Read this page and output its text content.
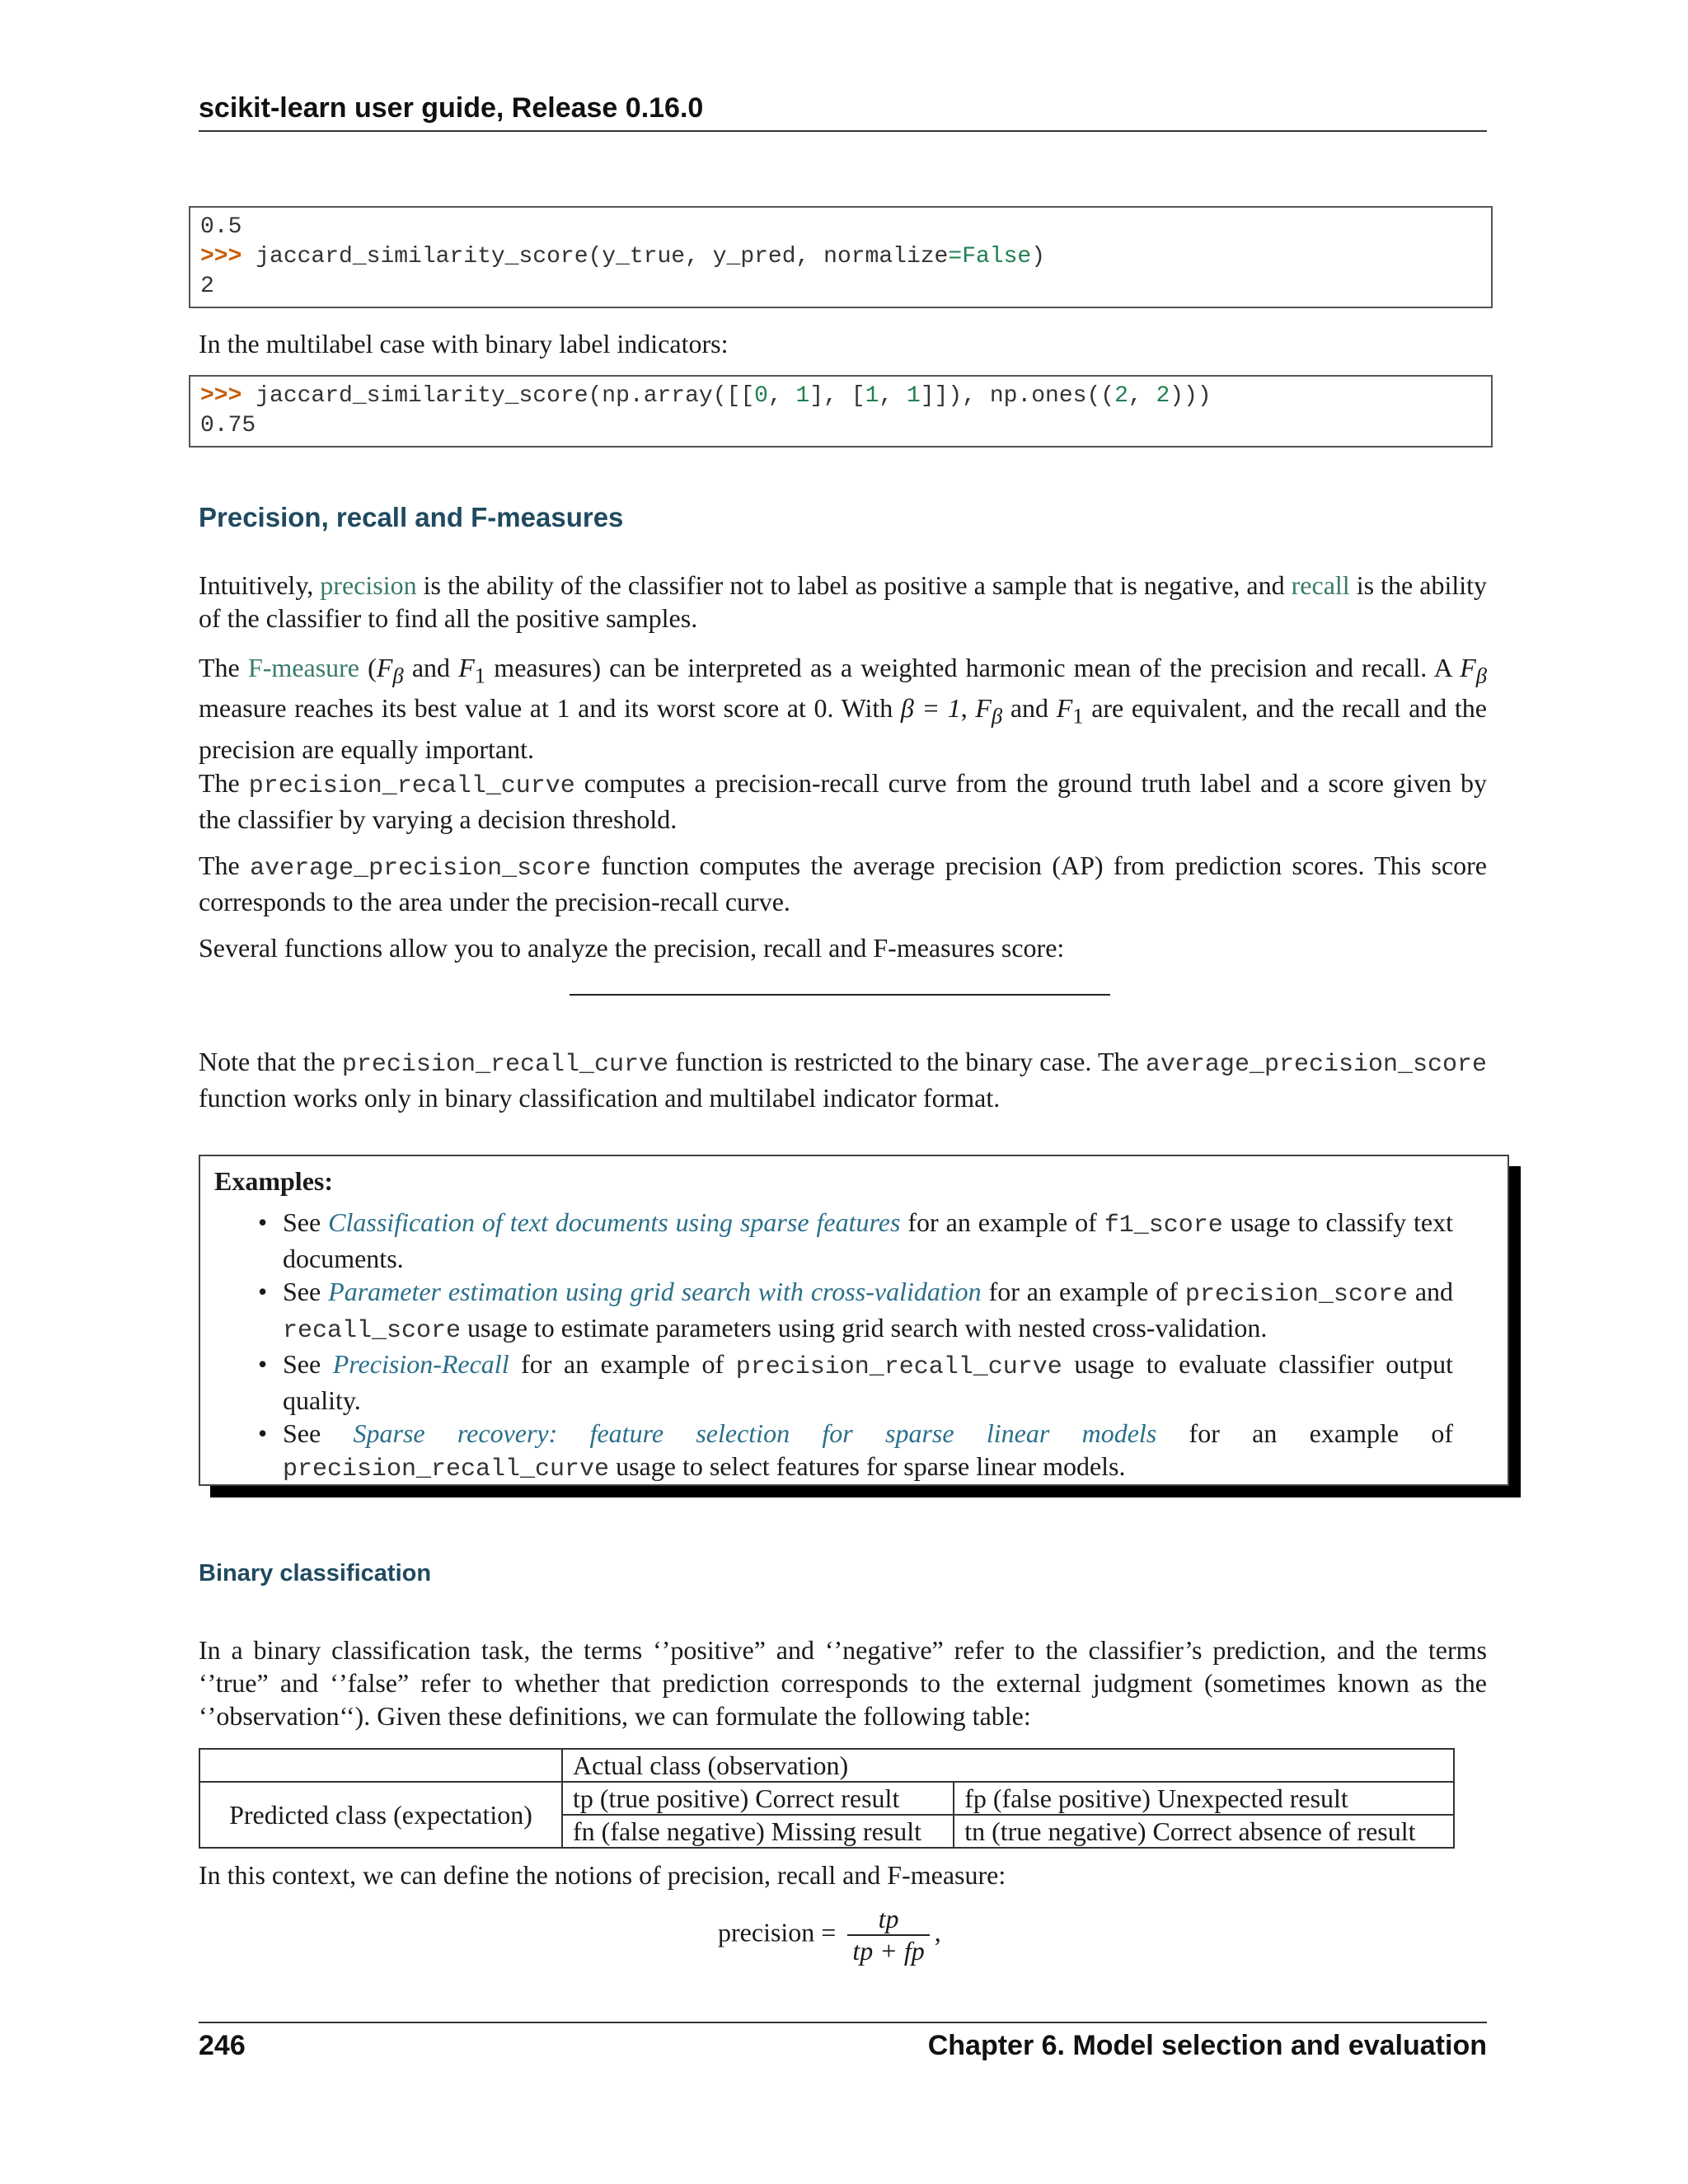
scikit-learn user guide, Release 0.16.0
0.5
>>> jaccard_similarity_score(y_true, y_pred, normalize=False)
2
In the multilabel case with binary label indicators:
>>> jaccard_similarity_score(np.array([[0, 1], [1, 1]]), np.ones((2, 2)))
0.75
Precision, recall and F-measures
Intuitively, precision is the ability of the classifier not to label as positive a sample that is negative, and recall is the ability of the classifier to find all the positive samples.
The F-measure ($F_\beta$ and $F_1$ measures) can be interpreted as a weighted harmonic mean of the precision and recall. A $F_\beta$ measure reaches its best value at 1 and its worst score at 0. With β = 1, $F_\beta$ and $F_1$ are equivalent, and the recall and the precision are equally important.
The precision_recall_curve computes a precision-recall curve from the ground truth label and a score given by the classifier by varying a decision threshold.
The average_precision_score function computes the average precision (AP) from prediction scores. This score corresponds to the area under the precision-recall curve.
Several functions allow you to analyze the precision, recall and F-measures score:
Note that the precision_recall_curve function is restricted to the binary case. The average_precision_score function works only in binary classification and multilabel indicator format.
Examples:
• See Classification of text documents using sparse features for an example of f1_score usage to classify text documents.
• See Parameter estimation using grid search with cross-validation for an example of precision_score and recall_score usage to estimate parameters using grid search with nested cross-validation.
• See Precision-Recall for an example of precision_recall_curve usage to evaluate classifier output quality.
• See Sparse recovery: feature selection for sparse linear models for an example of precision_recall_curve usage to select features for sparse linear models.
Binary classification
In a binary classification task, the terms ‘’positive” and ‘’negative” refer to the classifier’s prediction, and the terms ‘’true” and ‘’false” refer to whether that prediction corresponds to the external judgment (sometimes known as the ‘’observation‘‘). Given these definitions, we can formulate the following table:
	Actual class (observation)	
Predicted class (expectation)	tp (true positive) Correct result	fp (false positive) Unexpected result
	fn (false negative) Missing result	tn (true negative) Correct absence of result
In this context, we can define the notions of precision, recall and F-measure:
precision = $\frac{tp}{tp + fp}$ ,
246	Chapter 6. Model selection and evaluation
